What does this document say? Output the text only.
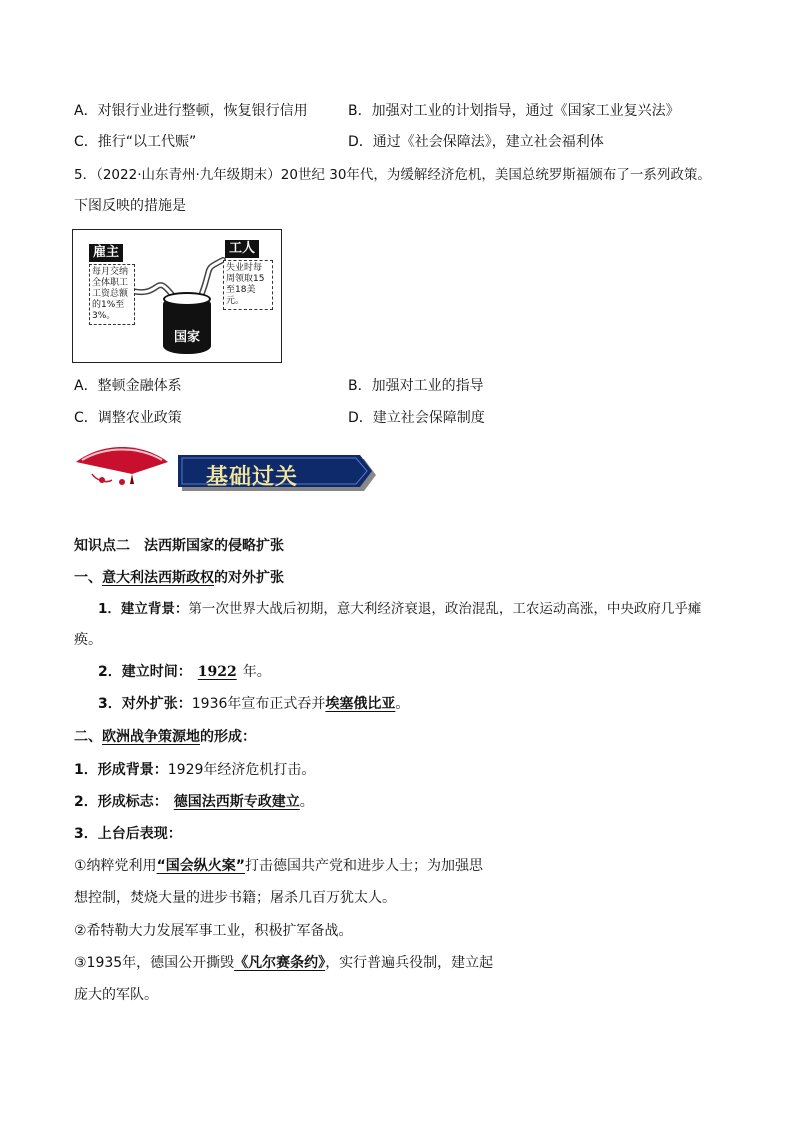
A．对银行业进行整顿，恢复银行信用	B．加强对工业的计划指导，通过《国家工业复兴法》
C．推行“以工代赈”	D．通过《社会保障法》，建立社会福利体
5．（2022·山东青州·九年级期末）20世纪 30年代，为缓解经济危机，美国总统罗斯福颁布了一系列政策。
下图反映的措施是
雇主
每月交纳全体职工工资总额的1%至3%。
工人
失业时每周领取15至18美元。
国家
A．整顿金融体系	B．加强对工业的指导
C．调整农业政策	D．建立社会保障制度
基础过关
知识点二　法西斯国家的侵略扩张
一、意大利法西斯政权的对外扩张
1．建立背景：第一次世界大战后初期，意大利经济衰退，政治混乱，工农运动高涨，中央政府几乎瘫
痪。
2．建立时间： 1922 年。
3．对外扩张：1936年宣布正式吞并埃塞俄比亚。
二、欧洲战争策源地的形成：
1．形成背景：1929年经济危机打击。
2．形成标志： 德国法西斯专政建立。
3．上台后表现：
①纳粹党利用“国会纵火案”打击德国共产党和进步人士；为加强思
想控制，焚烧大量的进步书籍；屠杀几百万犹太人。
②希特勒大力发展军事工业，积极扩军备战。
③1935年，德国公开撕毁《凡尔赛条约》，实行普遍兵役制，建立起
庞大的军队。
